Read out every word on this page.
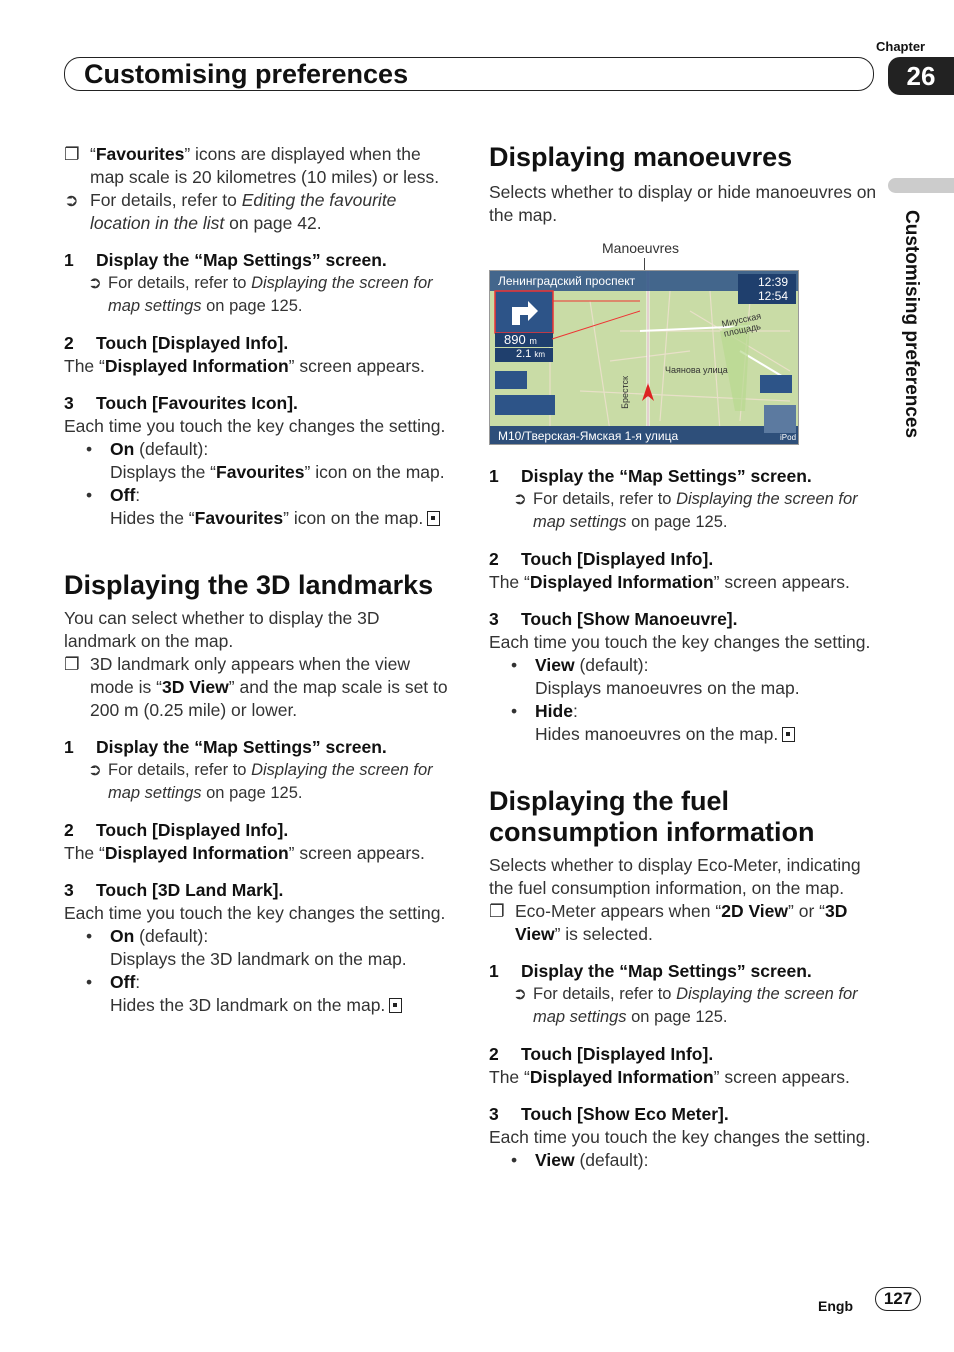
Customising preferences
Chapter
26
Customising preferences

❐ “Favourites” icons are displayed when the map scale is 20 kilometres (10 miles) or less.

➲ For details, refer to Editing the favourite location in the list on page 42.

1 Display the “Map Settings” screen.

➲ For details, refer to Displaying the screen for map settings on page 125.

2 Touch [Displayed Info].

The “Displayed Information” screen appears.

3 Touch [Favourites Icon].

Each time you touch the key changes the setting.

• On (default):

Displays the “Favourites” icon on the map.

• Off:

Hides the “Favourites” icon on the map.

Displaying the 3D landmarks

You can select whether to display the 3D landmark on the map.

❐ 3D landmark only appears when the view mode is “3D View” and the map scale is set to 200 m (0.25 mile) or lower.

1 Display the “Map Settings” screen.

➲ For details, refer to Displaying the screen for map settings on page 125.

2 Touch [Displayed Info].

The “Displayed Information” screen appears.

3 Touch [3D Land Mark].

Each time you touch the key changes the setting.

• On (default):

Displays the 3D landmark on the map.

• Off:

Hides the 3D landmark on the map.

Displaying manoeuvres

Selects whether to display or hide manoeuvres on the map.

Manoeuvres
Ленинградский проспект	12:39
12:54
890 m
2.1 km
Миусская площадь
Чаянова улица
Брестск
M10/Тверская-Ямская 1-я улица	iPod
1 Display the “Map Settings” screen.

➲ For details, refer to Displaying the screen for map settings on page 125.

2 Touch [Displayed Info].

The “Displayed Information” screen appears.

3 Touch [Show Manoeuvre].

Each time you touch the key changes the setting.

• View (default):

Displays manoeuvres on the map.

• Hide:

Hides manoeuvres on the map.

Displaying the fuel consumption information

Selects whether to display Eco-Meter, indicating the fuel consumption information, on the map.

❐ Eco-Meter appears when “2D View” or “3D View” is selected.

1 Display the “Map Settings” screen.

➲ For details, refer to Displaying the screen for map settings on page 125.

2 Touch [Displayed Info].

The “Displayed Information” screen appears.

3 Touch [Show Eco Meter].

Each time you touch the key changes the setting.

• View (default):

Engb	127
